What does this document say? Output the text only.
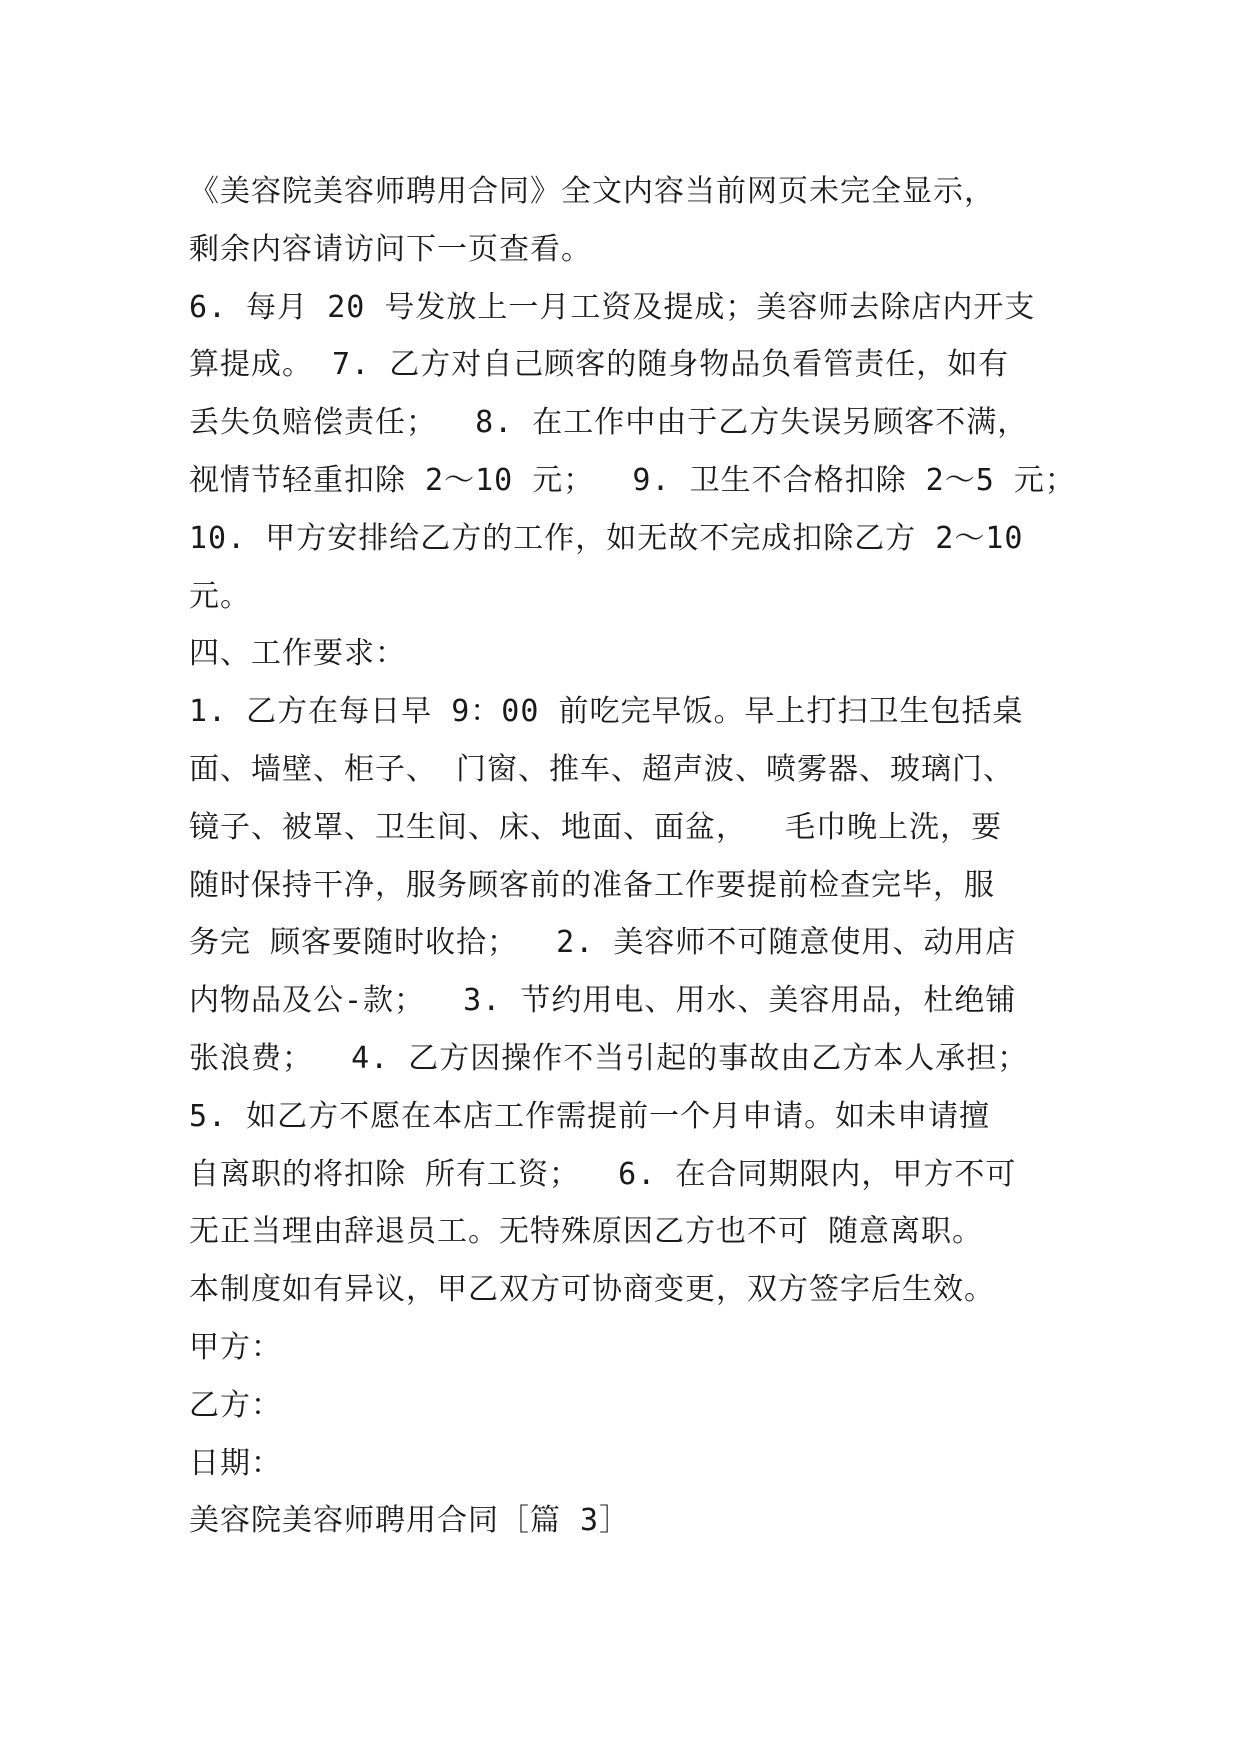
《美容院美容师聘用合同》全文内容当前网页未完全显示，
剩余内容请访问下一页查看。
6. 每月 20 号发放上一月工资及提成；美容师去除店内开支
算提成。 7. 乙方对自己顾客的随身物品负看管责任，如有
丢失负赔偿责任；  8. 在工作中由于乙方失误另顾客不满，
视情节轻重扣除 2～10 元；  9. 卫生不合格扣除 2～5 元；
10. 甲方安排给乙方的工作，如无故不完成扣除乙方 2～10
元。
四、工作要求：
1. 乙方在每日早 9：00 前吃完早饭。早上打扫卫生包括桌
面、墙壁、柜子、 门窗、推车、超声波、喷雾器、玻璃门、
镜子、被罩、卫生间、床、地面、面盆，  毛巾晚上洗，要
随时保持干净，服务顾客前的准备工作要提前检查完毕，服
务完 顾客要随时收拾；  2. 美容师不可随意使用、动用店
内物品及公-款；  3. 节约用电、用水、美容用品，杜绝铺
张浪费；  4. 乙方因操作不当引起的事故由乙方本人承担；
5. 如乙方不愿在本店工作需提前一个月申请。如未申请擅
自离职的将扣除 所有工资；  6. 在合同期限内，甲方不可
无正当理由辞退员工。无特殊原因乙方也不可 随意离职。
本制度如有异议，甲乙双方可协商变更，双方签字后生效。
甲方：
乙方：
日期：
美容院美容师聘用合同［篇 3］
